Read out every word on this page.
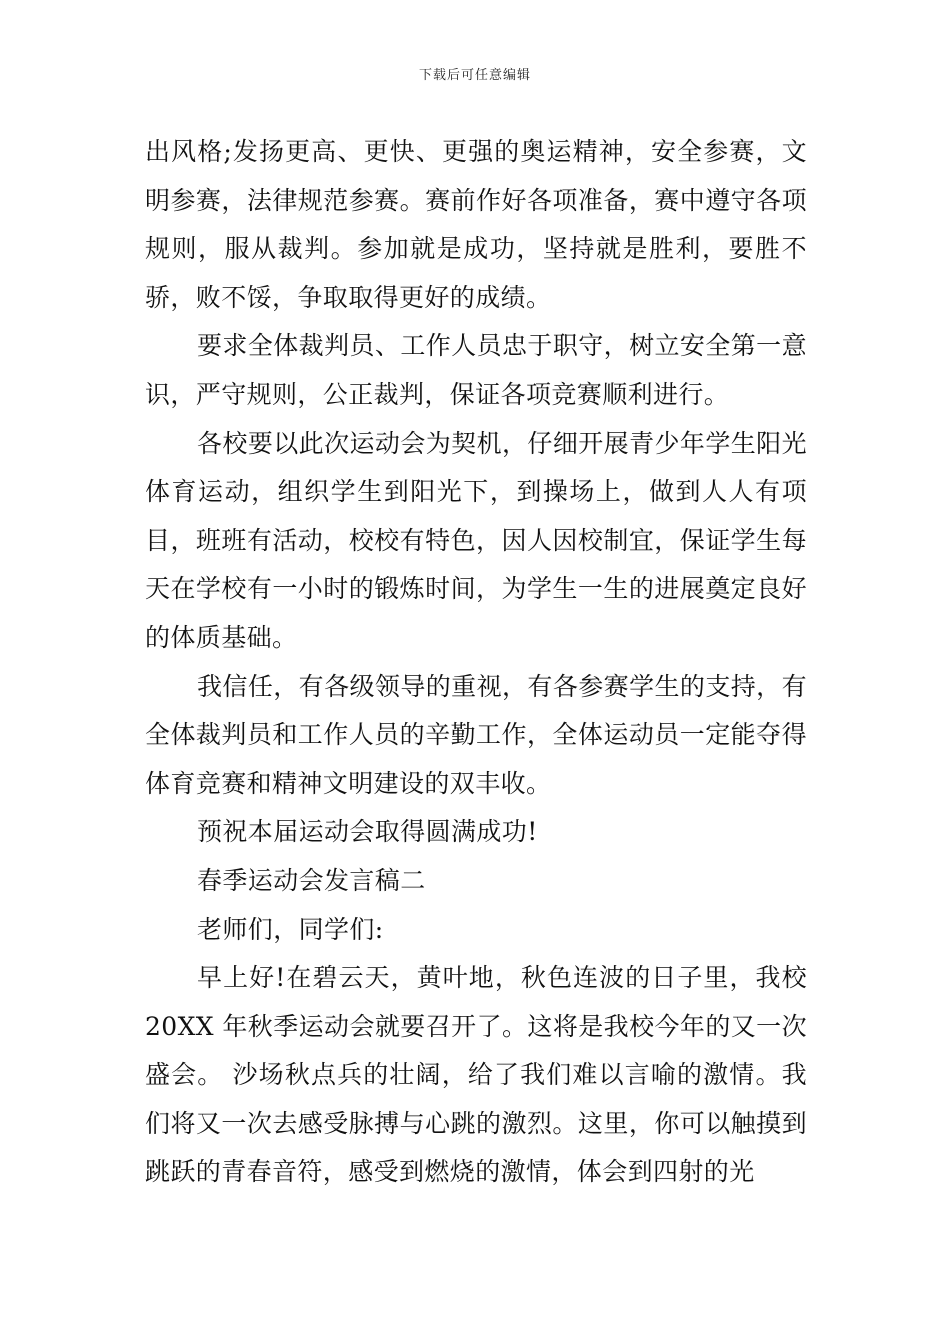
下载后可任意编辑

出风格;发扬更高、更快、更强的奥运精神，安全参赛，文明参赛，法律规范参赛。赛前作好各项准备，赛中遵守各项规则，服从裁判。参加就是成功，坚持就是胜利，要胜不骄，败不馁，争取取得更好的成绩。

要求全体裁判员、工作人员忠于职守，树立安全第一意识，严守规则，公正裁判，保证各项竞赛顺利进行。

各校要以此次运动会为契机，仔细开展青少年学生阳光体育运动，组织学生到阳光下，到操场上，做到人人有项目，班班有活动，校校有特色，因人因校制宜，保证学生每天在学校有一小时的锻炼时间，为学生一生的进展奠定良好的体质基础。

我信任，有各级领导的重视，有各参赛学生的支持，有全体裁判员和工作人员的辛勤工作，全体运动员一定能夺得体育竞赛和精神文明建设的双丰收。

预祝本届运动会取得圆满成功!

春季运动会发言稿二

老师们，同学们:

早上好!在碧云天，黄叶地，秋色连波的日子里，我校20XX 年秋季运动会就要召开了。这将是我校今年的又一次盛会。 沙场秋点兵的壮阔，给了我们难以言喻的激情。我们将又一次去感受脉搏与心跳的激烈。这里，你可以触摸到跳跃的青春音符，感受到燃烧的激情，体会到四射的光
